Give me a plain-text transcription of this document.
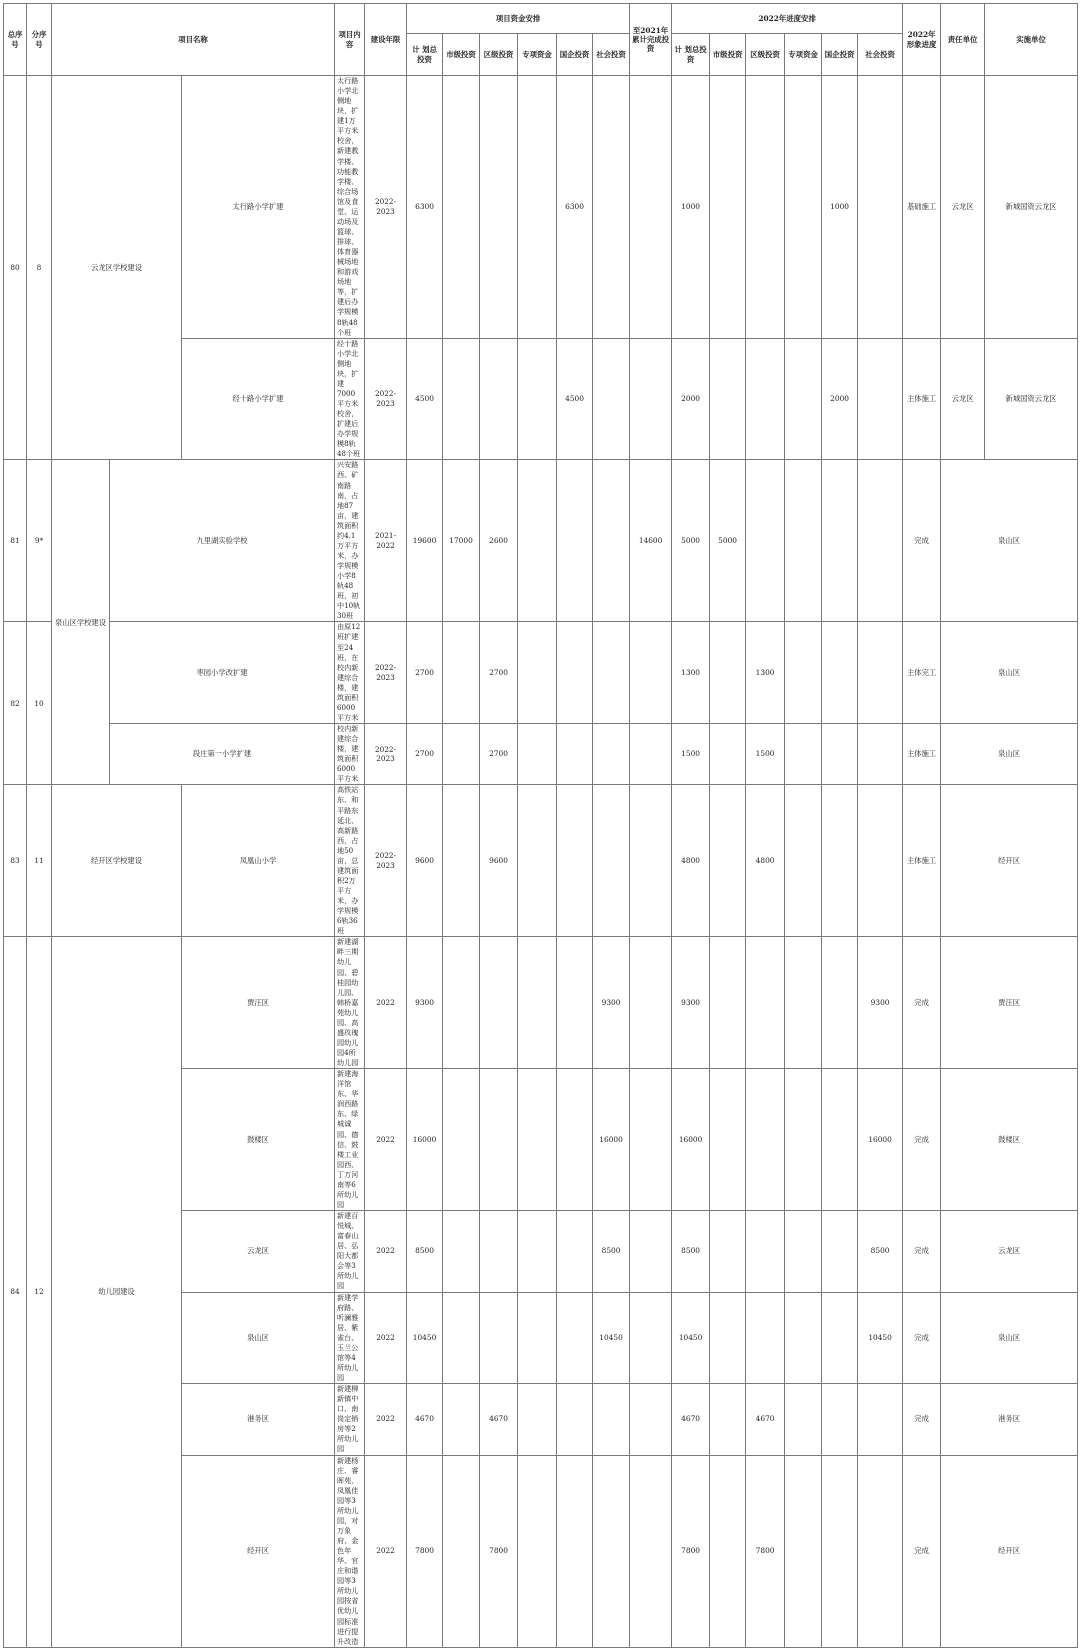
总序号	分序号	项目名称			项目内容	建设年限	项目资金安排						至2021年累计完成投资	2022年进度安排						2022年形象进度	责任单位	实施单位	
							计 划总投资	市级投资	区级投资	专项资金	国企投资	社会投资		计 划总投资	市级投资	区级投资	专项资金	国企投资	社会投资				
80	8	云龙区学校建设		太行路小学扩建	太行路小学北侧地块，扩建1万平方米校舍，新建教学楼、功能教学楼、综合场馆及食堂、运动场及篮球、排球、体育器械场地和游戏场地等，扩建后办学规模8轨48个班	2022-2023	6300				6300			1000				1000		基础施工	云龙区	新城国资云龙区	
				经十路小学扩建	经十路小学北侧地块，扩建7000平方米校舍，扩建后办学规模8轨48个班	2022-2023	4500				4500			2000				2000		主体施工	云龙区	新城国资云龙区	
81	9*	泉山区学校建设	九里湖实验学校		兴安路西、矿南路南，占地87亩，建筑面积约4.1万平方米，办学规模小学8轨48班，初中10轨30班	2021-2022	19600	17000	2600				14600	5000	5000					完成	泉山区		
82	10		枣园小学改扩建		由原12班扩建至24班，在校内新建综合楼，建筑面积6000平方米	2022-2023	2700		2700					1300		1300				主体完工	泉山区		
			段庄第一小学扩建		校内新建综合楼，建筑面积6000平方米	2022-2023	2700		2700					1500		1500				主体施工	泉山区		
83	11	经开区学校建设		凤凰山小学	高铁站东、和平路东延北、高新路西，占地50亩，总建筑面积2万平方米，办学规模6轨36班	2022-2023	9600		9600					4800		4800				主体施工	经开区		
84	12	幼儿园建设		贾汪区	新建湖畔三期幼儿园、碧桂园幼儿园、韩桥嘉苑幼儿园、高盛玫瑰园幼儿园4所幼儿园	2022	9300					9300		9300					9300	完成	贾汪区		
				鼓楼区	新建海洋馆东、华润西路东、绿城诚园、德信、鼓楼工业园西、丁万河南等6所幼儿园	2022	16000					16000		16000					16000	完成	鼓楼区		
				云龙区	新建百悦城、富春山居、弘阳大都会等3所幼儿园	2022	8500					8500		8500					8500	完成	云龙区		
				泉山区	新建学府路、听澜雅居、紫雀台、玉兰公馆等4所幼儿园	2022	10450					10450		10450					10450	完成	泉山区		
				港务区	新建柳新镇中口、南岗定销房等2所幼儿园	2022	4670		4670					4670		4670				完成	港务区		
				经开区	新建杨庄、睿晖苑、凤凰佳园等3所幼儿园，对万象府、金色年华、官庄和谐园等3所幼儿园按省优幼儿园标准进行提升改造	2022	7800		7800					7800		7800				完成	经开区		
